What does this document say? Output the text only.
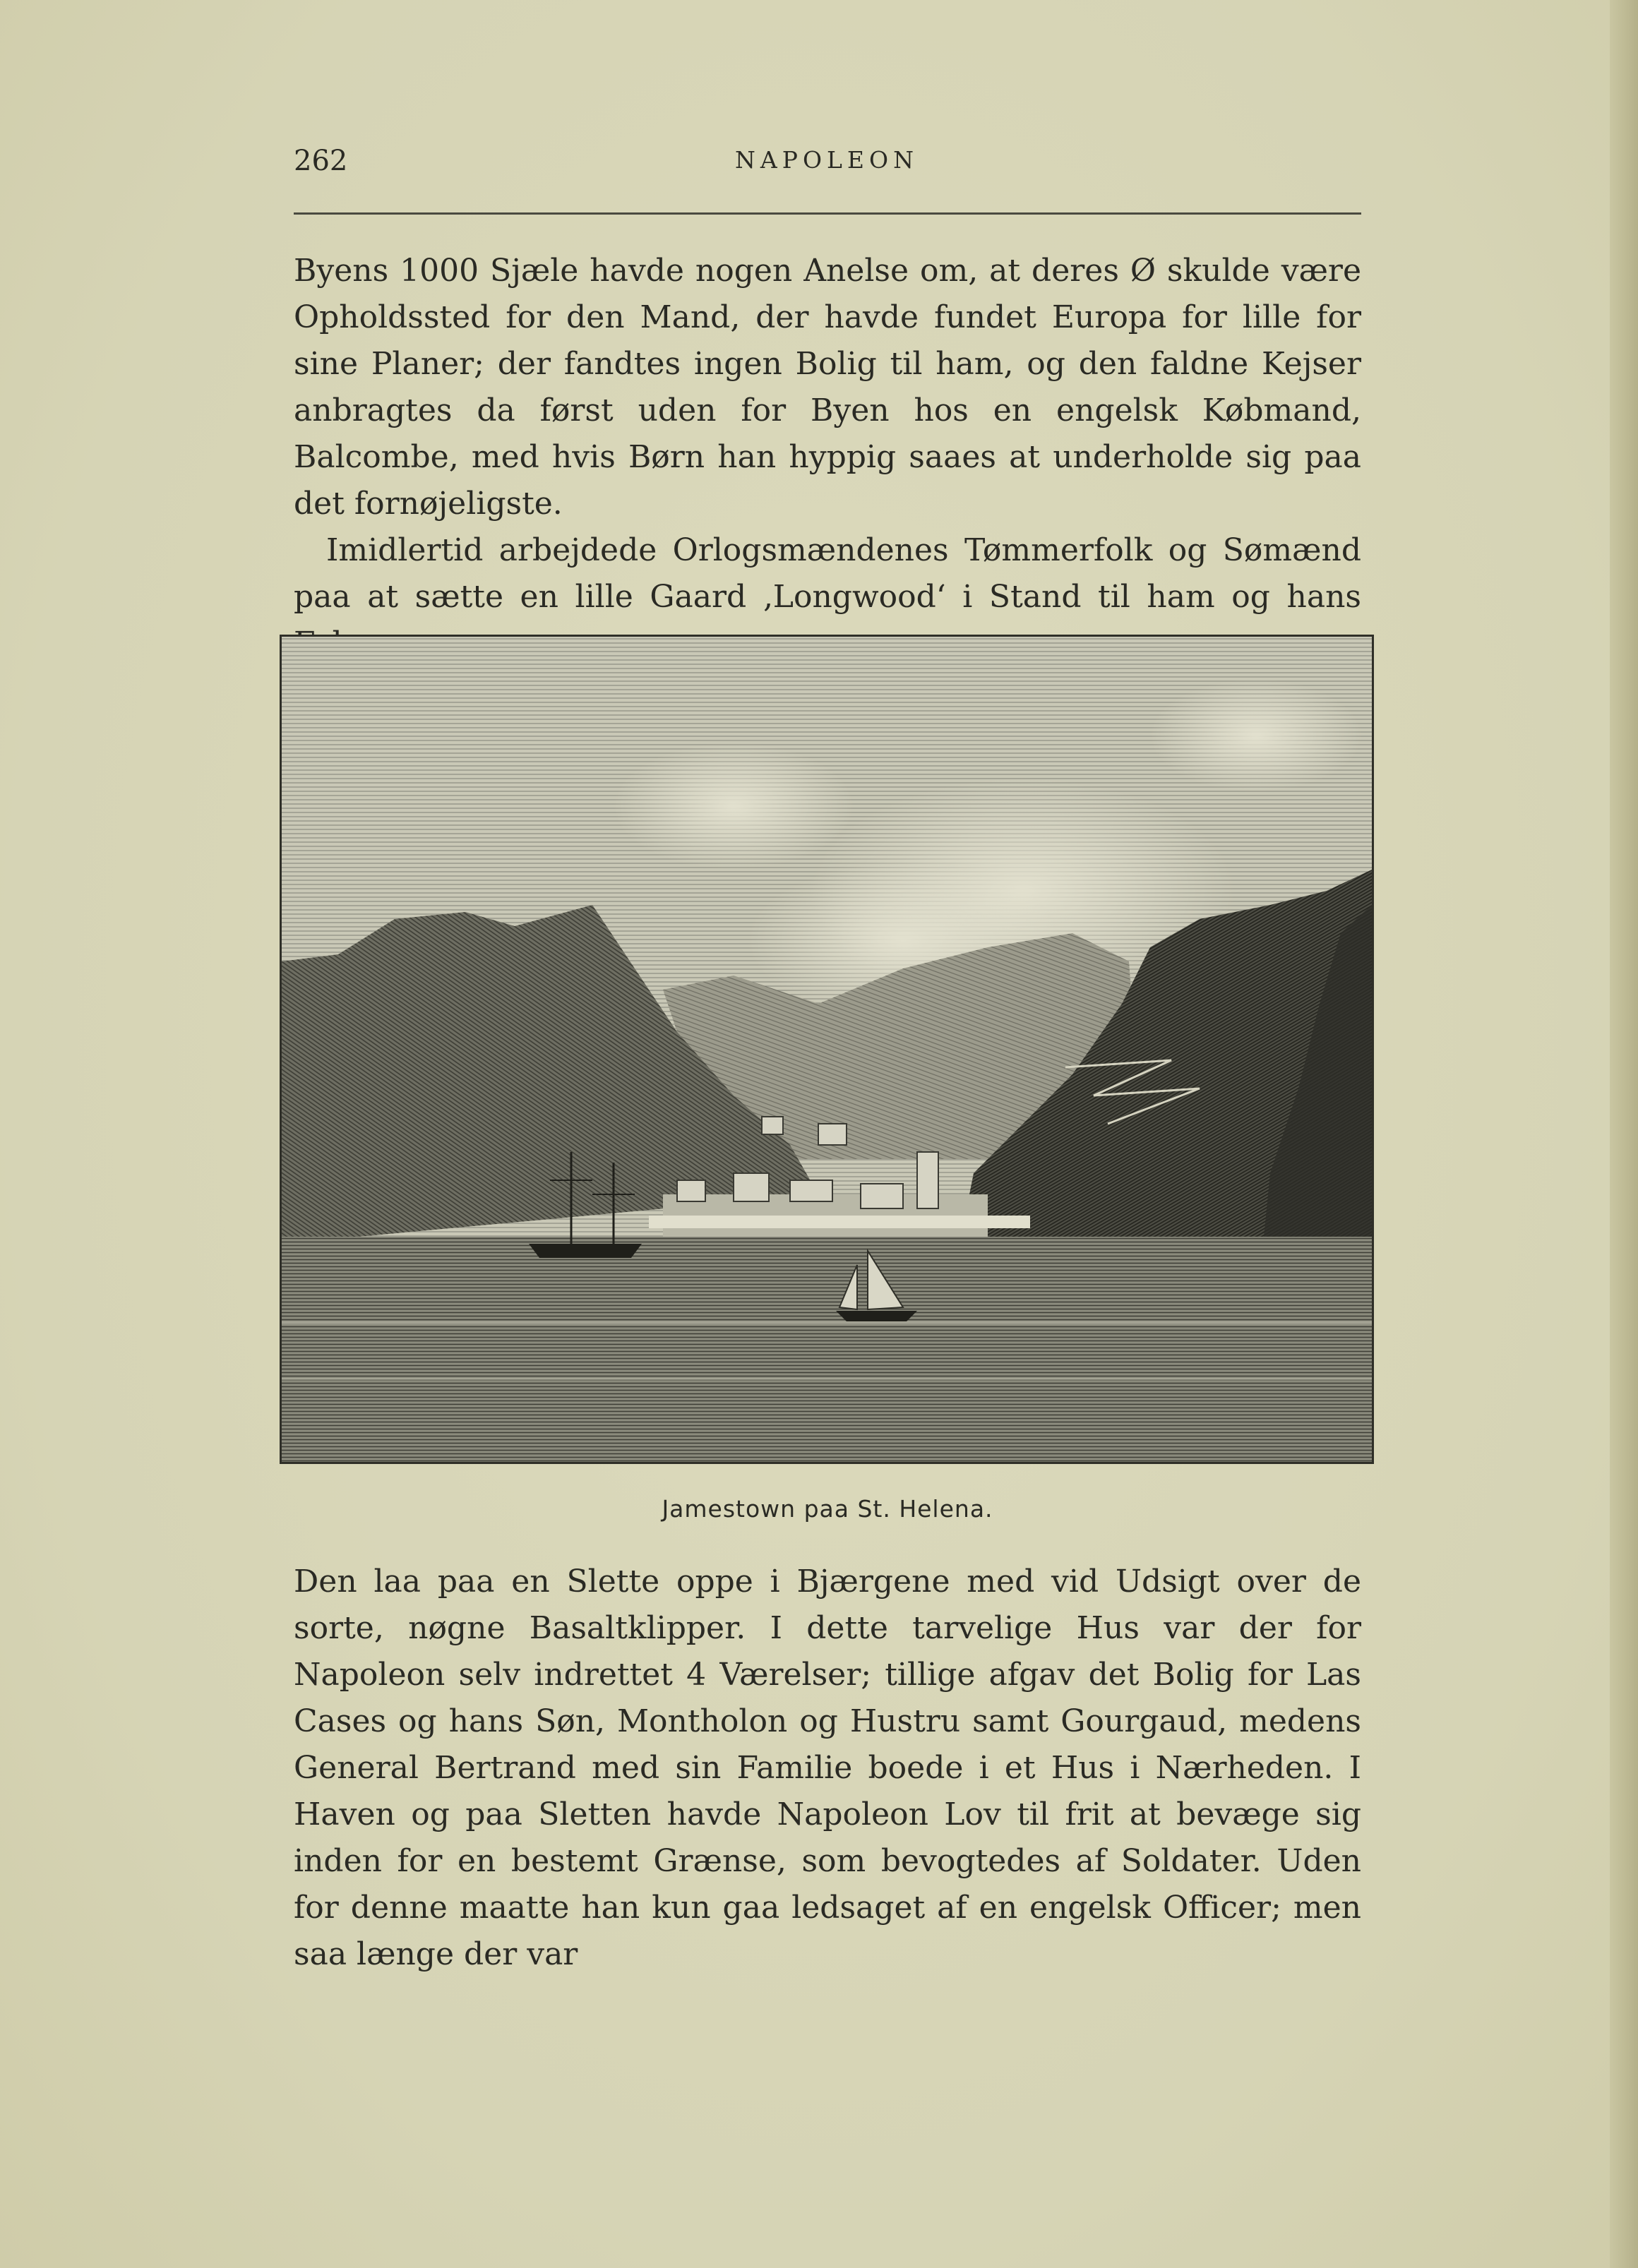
262	NAPOLEON

Byens 1000 Sjæle havde nogen Anelse om, at deres Ø skulde være Opholdssted for den Mand, der havde fundet Europa for lille for sine Planer; der fandtes ingen Bolig til ham, og den faldne Kejser anbragtes da først uden for Byen hos en engelsk Købmand, Balcombe, med hvis Børn han hyppig saaes at underholde sig paa det fornøjeligste.

Imidlertid arbejdede Orlogsmændenes Tømmerfolk og Sømænd paa at sætte en lille Gaard ‚Longwood‘ i Stand til ham og hans

Jamestown paa St. Helena.

Den laa paa en Slette oppe i Bjærgene med vid Udsigt over de sorte, nøgne Basaltklipper. I dette tarvelige Hus var der for Napoleon selv indrettet 4 Værelser; tillige afgav det Bolig for Las Cases og hans Søn, Montholon og Hustru samt Gourgaud, medens General Bertrand med sin Familie boede i et Hus i Nærheden. I Haven og paa Sletten havde Napoleon Lov til frit at bevæge sig inden for en bestemt Grænse, som bevogtedes af Soldater. Uden for denne maatte han kun gaa ledsaget af en engelsk Officer; men saa længe der var
